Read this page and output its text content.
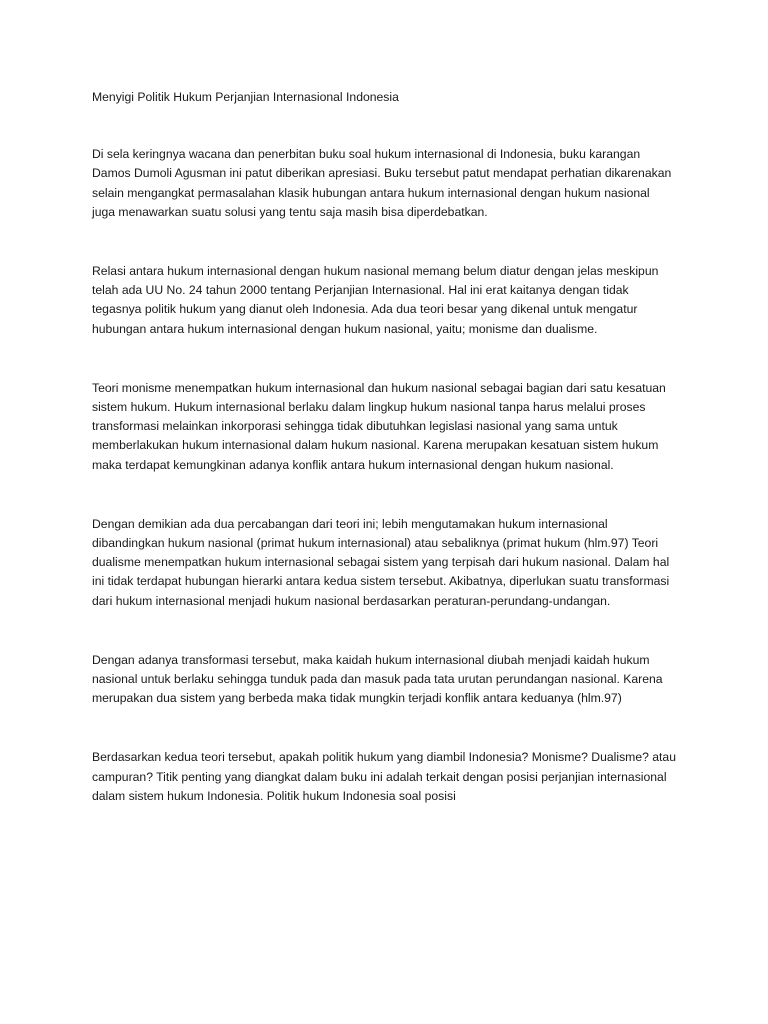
Menyigi Politik Hukum Perjanjian Internasional Indonesia

Di sela keringnya wacana dan penerbitan buku soal hukum internasional di Indonesia, buku karangan Damos Dumoli Agusman ini patut diberikan apresiasi. Buku tersebut patut mendapat perhatian dikarenakan selain mengangkat permasalahan klasik hubungan antara hukum internasional dengan hukum nasional juga menawarkan suatu solusi yang tentu saja masih bisa diperdebatkan.

Relasi antara hukum internasional dengan hukum nasional memang belum diatur dengan jelas meskipun telah ada UU No. 24 tahun 2000 tentang Perjanjian Internasional. Hal ini erat kaitanya dengan tidak tegasnya politik hukum yang dianut oleh Indonesia. Ada dua teori besar yang dikenal untuk mengatur hubungan antara hukum internasional dengan hukum nasional, yaitu; monisme dan dualisme.

Teori monisme menempatkan hukum internasional dan hukum nasional sebagai bagian dari satu kesatuan sistem hukum. Hukum internasional berlaku dalam lingkup hukum nasional tanpa harus melalui proses transformasi melainkan inkorporasi sehingga tidak dibutuhkan legislasi nasional yang sama untuk memberlakukan hukum internasional dalam hukum nasional. Karena merupakan kesatuan sistem hukum maka terdapat kemungkinan adanya konflik antara hukum internasional dengan hukum nasional.

Dengan demikian ada dua percabangan dari teori ini; lebih mengutamakan hukum internasional dibandingkan hukum nasional (primat hukum internasional) atau sebaliknya (primat hukum (hlm.97) Teori dualisme menempatkan hukum internasional sebagai sistem yang terpisah dari hukum nasional. Dalam hal ini tidak terdapat hubungan hierarki antara kedua sistem tersebut. Akibatnya, diperlukan suatu transformasi dari hukum internasional menjadi hukum nasional berdasarkan peraturan-perundang-undangan.

Dengan adanya transformasi tersebut, maka kaidah hukum internasional diubah menjadi kaidah hukum nasional untuk berlaku sehingga tunduk pada dan masuk pada tata urutan perundangan nasional. Karena merupakan dua sistem yang berbeda maka tidak mungkin terjadi konflik antara keduanya (hlm.97)

Berdasarkan kedua teori tersebut, apakah politik hukum yang diambil Indonesia? Monisme? Dualisme? atau campuran? Titik penting yang diangkat dalam buku ini adalah terkait dengan posisi perjanjian internasional dalam sistem hukum Indonesia. Politik hukum Indonesia soal posisi
